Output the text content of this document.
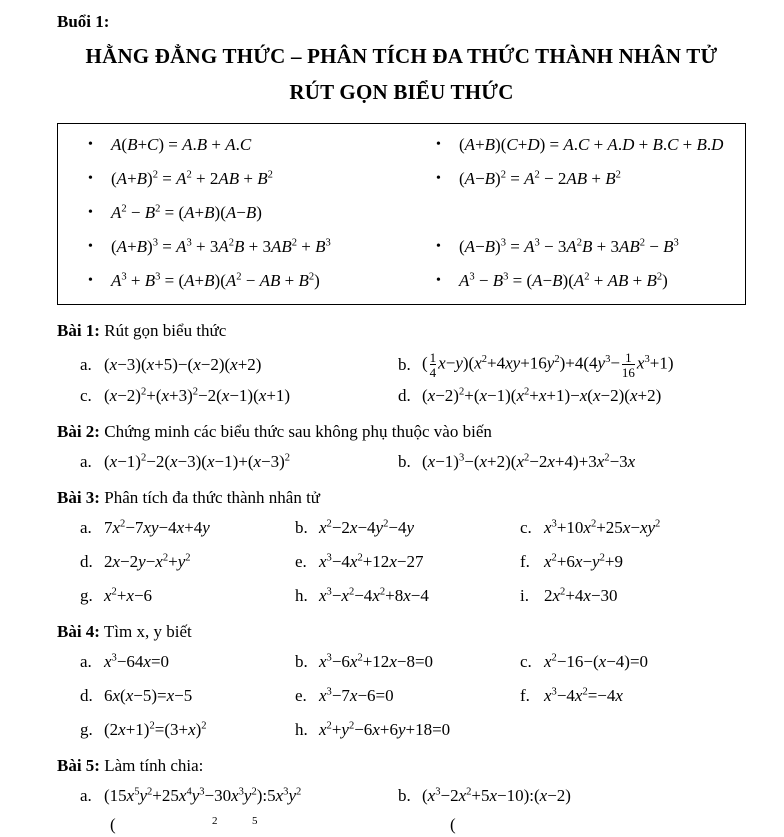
Buổi 1:
HẰNG ĐẲNG THỨC – PHÂN TÍCH ĐA THỨC THÀNH NHÂN TỬ
RÚT GỌN BIỂU THỨC
•	A(B+C) = A.B + A.C
•	$(A+B)^2 = A^2 + 2AB + B^2$
•	$A^2 - B^2 = (A+B)(A-B)$
•	$(A+B)^3 = A^3 + 3A^2B + 3AB^2 + B^3$
•	$A^3 + B^3 = (A+B)(A^2$ − AB + $B^2$)
•	(A+B)(C+D) = A.C + A.D + B.C + B.D
•	$(A-B)^2 = A^2 - 2AB + B^2$
•	$(A-B)^3 = A^3 - 3A^2B + 3AB^2 - B^3$
•	$A^3 - B^3 = (A-B)(A^2$ + AB + $B^2$)
Bài 1: Rút gọn biểu thức
a. (x−3)(x+5)−(x−2)(x+2)	b. ( $\frac{1}{4} x-y)(x^2+4xy+16y^2)+4(4y^3- \frac{1}{16} x^3+1)$
c. $(x-2)^2+(x+3)^2-2(x-1)(x+1)$	d. $(x-2)^2+(x-1)(x^2+x+1)-x(x-2)(x+2)$
Bài 2: Chứng minh các biểu thức sau không phụ thuộc vào biến
a. $(x-1)^2-2(x-3)(x-1)+(x-3)^2$	b. $(x-1)^3-(x+2)(x^2-2x+4)+3x^2-3x$
Bài 3: Phân tích đa thức thành nhân tử
a. $7x^2-7xy-4x+4y$	b. $x^2-2x-4y^2-4y$	c. $x^3+10x^2+25x-xy^2$
d. $2x-2y-x^2+y^2$	e. $x^3-4x^2+12x-27$	f. $x^2+6x-y^2+9$
g. $x^2+x-6$	h. $x^3-x^2-4x^2+8x-4$	i. $2x^2+4x-30$
Bài 4: Tìm x, y biết
a. $x^3-64x=0$	b. $x^3-6x^2+12x-8=0$	c. $x^2-16-(x-4)=0$
d. 6x(x−5)=x−5	e. $x^3-7x-6=0$	f. $x^3-4x^2=-4x$
g. $(2x+1)^2=(3+x)^2$	h. $x^2+y^2-6x+6y+18=0$
Bài 5: Làm tính chia:
a. $(15x^5y^2+25x^4y^3-30x^3y^2):5x^3y^2$	b. $(x^3-2x^2+5x-10):(x-2)$
(	2	5	(
